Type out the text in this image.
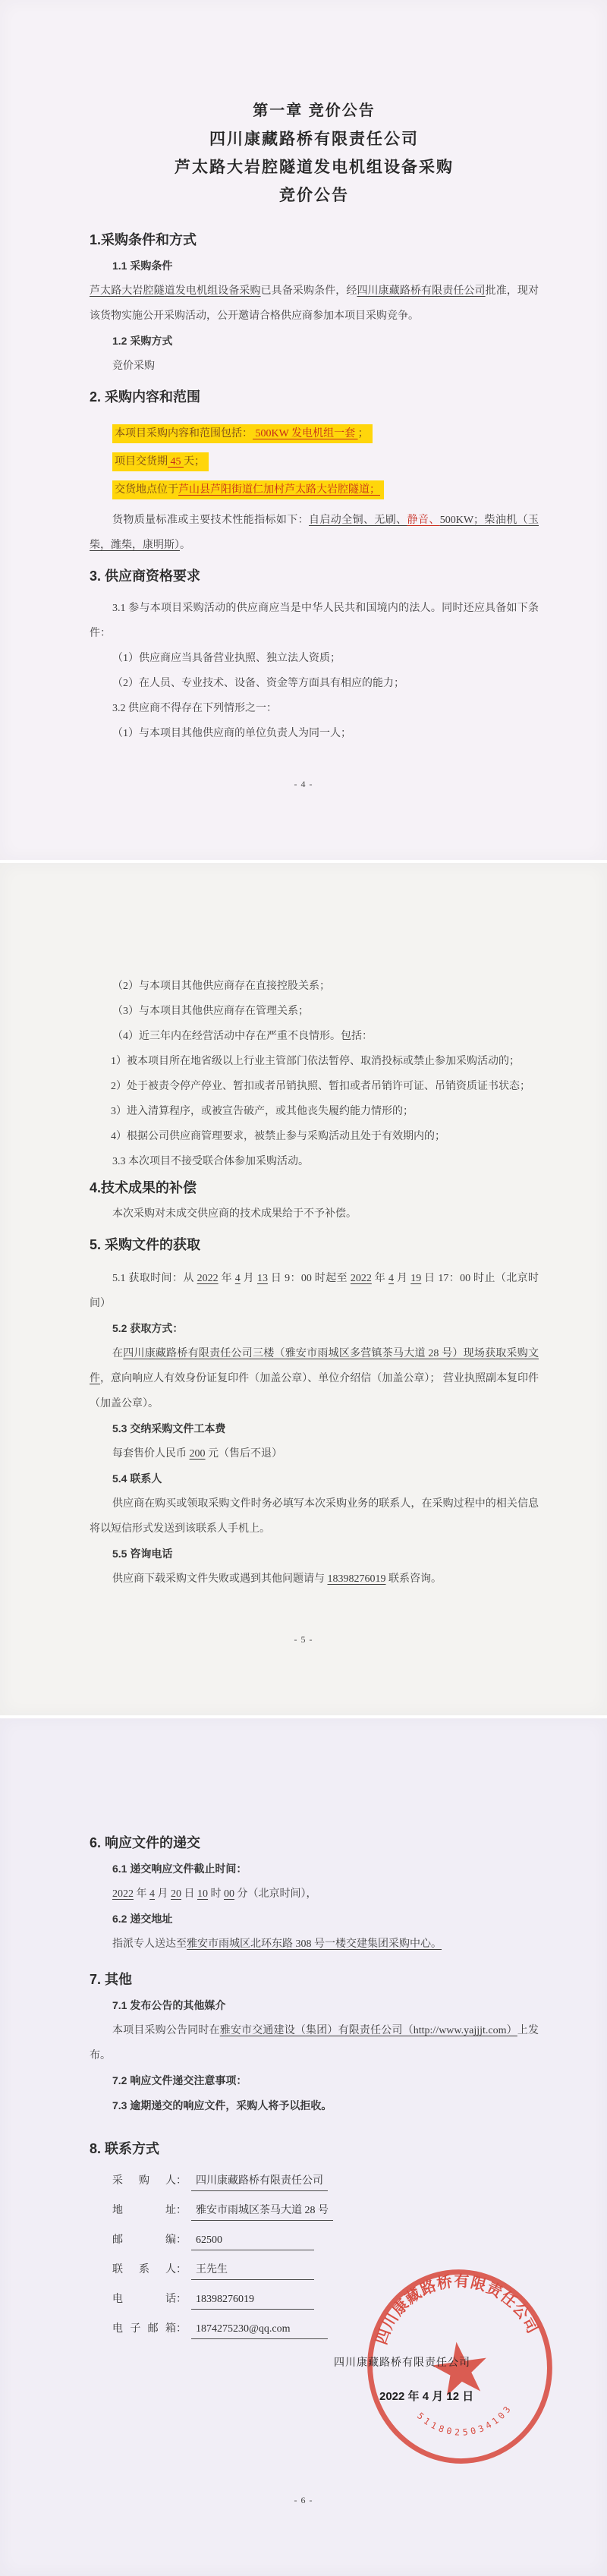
第一章 竞价公告

四川康藏路桥有限责任公司

芦太路大岩腔隧道发电机组设备采购

竞价公告

1.采购条件和方式

1.1 采购条件

芦太路大岩腔隧道发电机组设备采购已具备采购条件，经四川康藏路桥有限责任公司批准，现对该货物实施公开采购活动，公开邀请合格供应商参加本项目采购竞争。

1.2 采购方式

竞价采购

2. 采购内容和范围

本项目采购内容和范围包括： 500KW 发电机组一套 ；
项目交货期 45 天；
交货地点位于芦山县芦阳街道仁加村芦太路大岩腔隧道；

货物质量标准或主要技术性能指标如下：自启动全铜、无刷、静音、500KW；柴油机（玉柴，潍柴，康明斯）。

3. 供应商资格要求

3.1 参与本项目采购活动的供应商应当是中华人民共和国境内的法人。同时还应具备如下条件：

（1）供应商应当具备营业执照、独立法人资质；

（2）在人员、专业技术、设备、资金等方面具有相应的能力；

3.2 供应商不得存在下列情形之一：

（1）与本项目其他供应商的单位负责人为同一人；

- 4 -

（2）与本项目其他供应商存在直接控股关系；

（3）与本项目其他供应商存在管理关系；

（4）近三年内在经营活动中存在严重不良情形。包括：

1）被本项目所在地省级以上行业主管部门依法暂停、取消投标或禁止参加采购活动的；

2）处于被责令停产停业、暂扣或者吊销执照、暂扣或者吊销许可证、吊销资质证书状态；

3）进入清算程序，或被宣告破产，或其他丧失履约能力情形的；

4）根据公司供应商管理要求，被禁止参与采购活动且处于有效期内的；

3.3 本次项目不接受联合体参加采购活动。

4.技术成果的补偿

本次采购对未成交供应商的技术成果给于不予补偿。

5. 采购文件的获取

5.1 获取时间：从 2022 年 4 月 13 日 9：00 时起至 2022 年 4 月 19 日 17：00 时止（北京时间）

5.2 获取方式：

在四川康藏路桥有限责任公司三楼（雅安市雨城区多营镇茶马大道 28 号）现场获取采购文件，意向响应人有效身份证复印件（加盖公章）、单位介绍信（加盖公章）； 营业执照副本复印件（加盖公章）。

5.3 交纳采购文件工本费

每套售价人民币 200 元（售后不退）

5.4 联系人

供应商在购买或领取采购文件时务必填写本次采购业务的联系人，在采购过程中的相关信息将以短信形式发送到该联系人手机上。

5.5 咨询电话

供应商下载采购文件失败或遇到其他问题请与 18398276019 联系咨询。

- 5 -

6. 响应文件的递交

6.1 递交响应文件截止时间：

2022 年 4 月 20 日 10 时 00 分（北京时间），

6.2 递交地址

指派专人送达至雅安市雨城区北环东路 308 号一楼交建集团采购中心。

7. 其他

7.1 发布公告的其他媒介

本项目采购公告同时在雅安市交通建设（集团）有限责任公司（http://www.yajjjt.com）上发布。

7.2 响应文件递交注意事项：

7.3 逾期递交的响应文件，采购人将予以拒收。

8. 联系方式

采购人 ： 四川康藏路桥有限责任公司
地址 ： 雅安市雨城区茶马大道 28 号
邮编 ： 62500
联系人 ： 王先生
电话 ： 18398276019
电子邮箱 ： 1874275230@qq.com	四川康藏路桥有限责任公司
5118025034103
四川康藏路桥有限责任公司
2022 年 4 月 12 日
- 6 -
